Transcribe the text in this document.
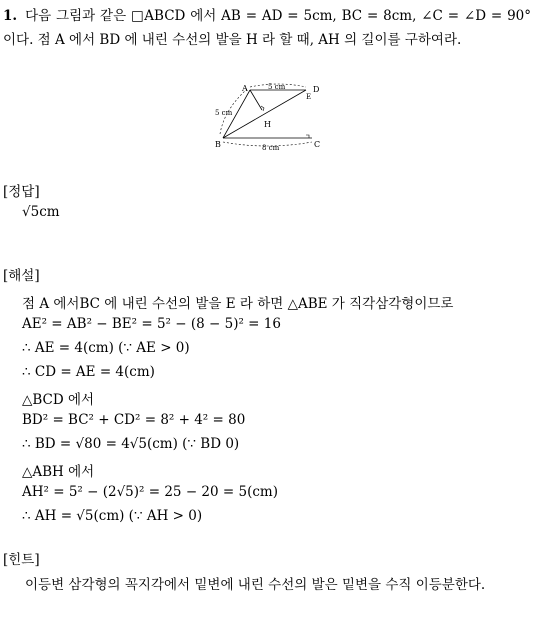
1. 다음 그림과 같은 □ABCD 에서 AB = AD = 5cm, BC = 8cm, ∠C = ∠D = 90° 이다. 점 A 에서 BD 에 내린 수선의 발을 H 라 할 때, AH 의 길이를 구하여라.
A
B	C
D
E
H
5 cm
5 cm
8 cm
[정답]
√5cm
[해설]
점 A 에서BC 에 내린 수선의 발을 E 라 하면 △ABE 가 직각삼각형이므로
AE² = AB² − BE² = 5² − (8 − 5)² = 16
∴ AE = 4(cm) (∵ AE > 0)
∴ CD = AE = 4(cm)
△BCD 에서
BD² = BC² + CD² = 8² + 4² = 80
∴ BD = √80 = 4√5(cm) (∵ BD 0)
△ABH 에서
AH² = 5² − (2√5)² = 25 − 20 = 5(cm)
∴ AH = √5(cm) (∵ AH > 0)
[힌트]
이등변 삼각형의 꼭지각에서 밑변에 내린 수선의 발은 밑변을 수직 이등분한다.
